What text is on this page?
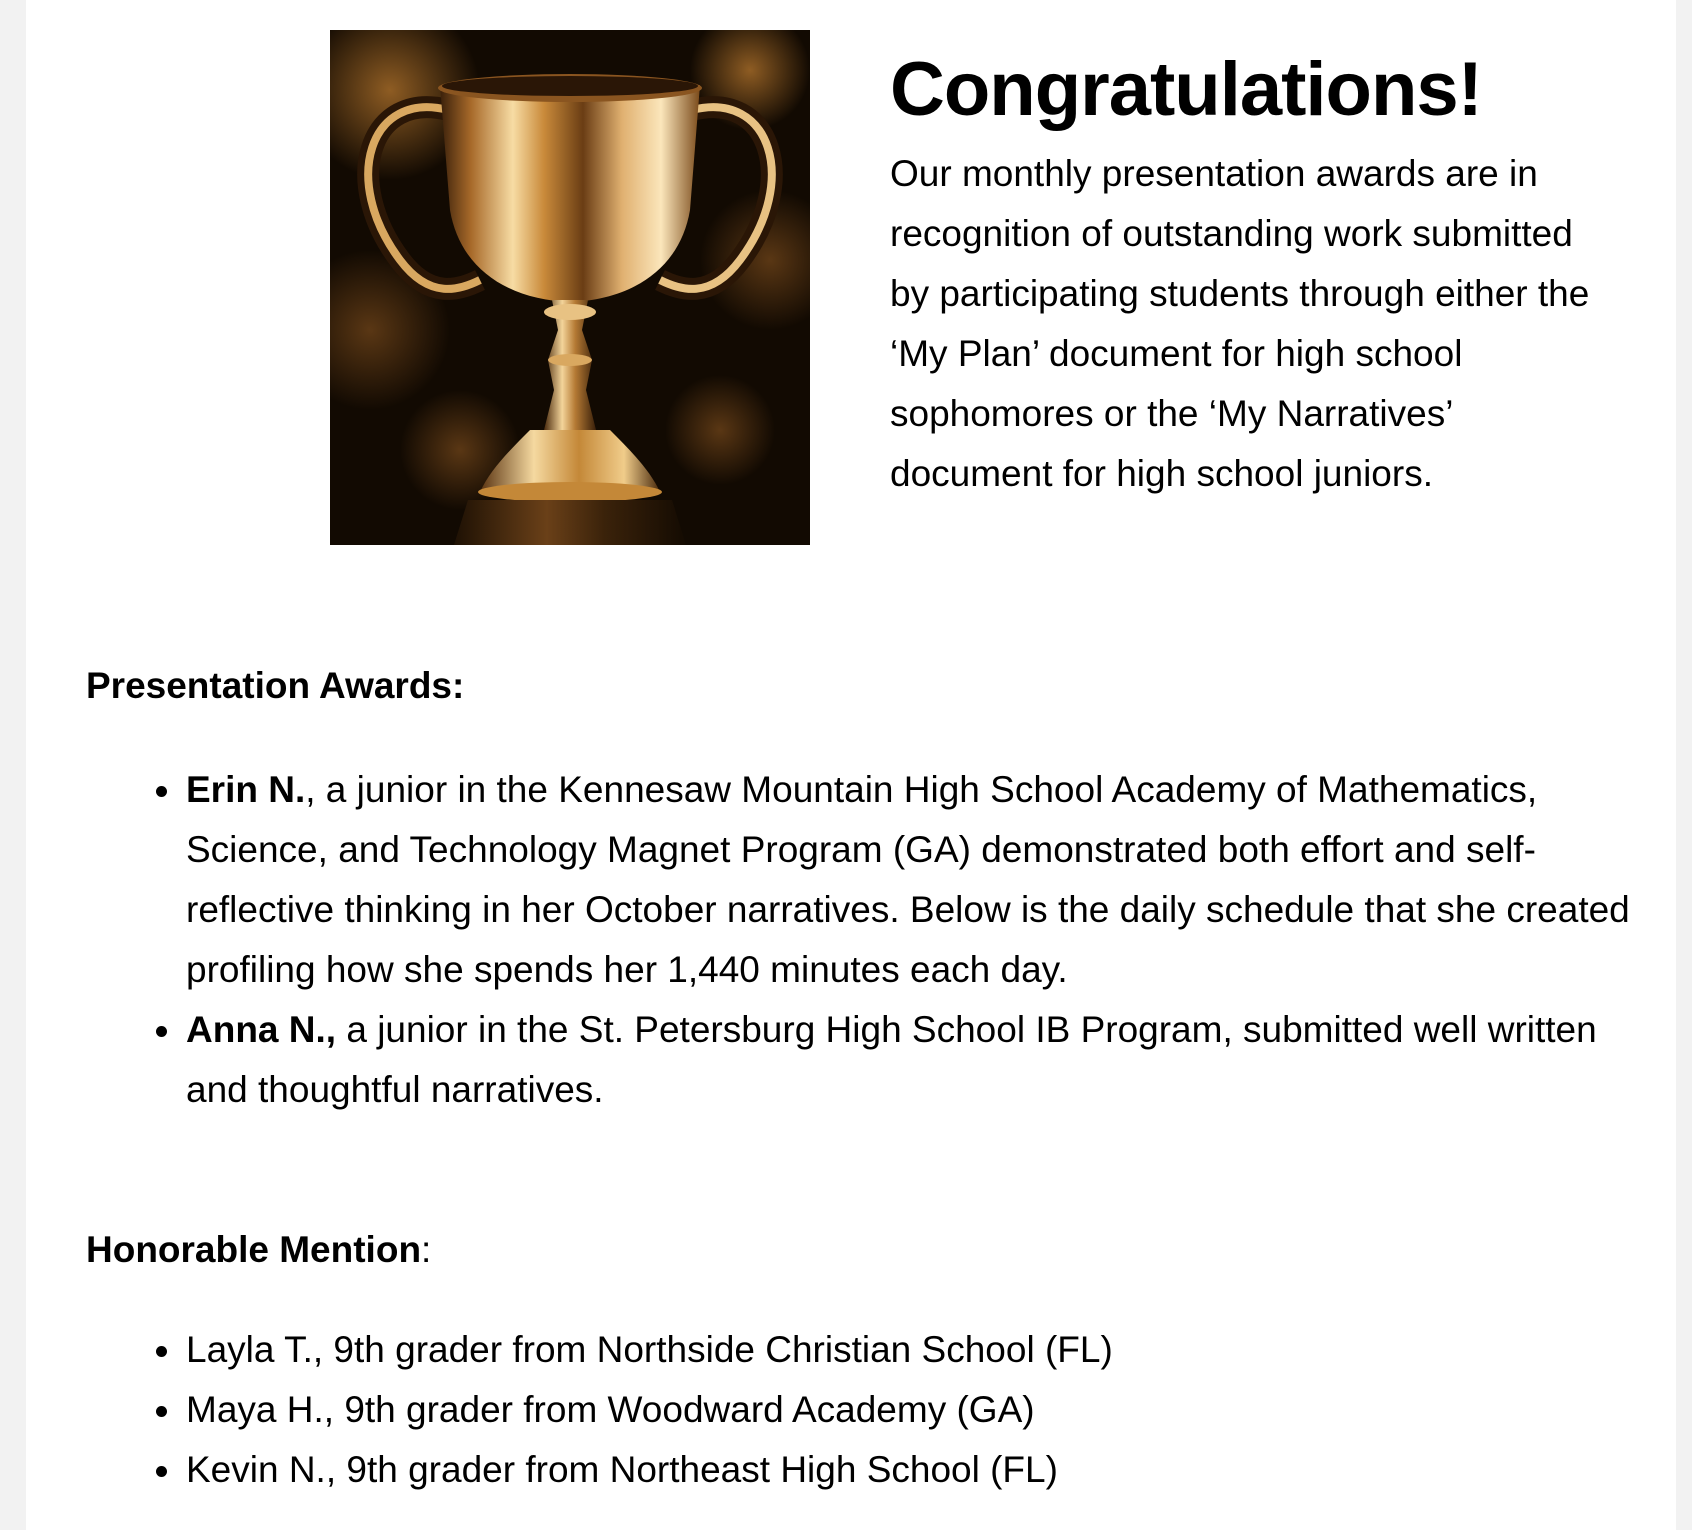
Congratulations!

Our monthly presentation awards are in recognition of outstanding work submitted by participating students through either the ‘My Plan’ document for high school sophomores or the ‘My Narratives’ document for high school juniors.

Presentation Awards:
Erin N., a junior in the Kennesaw Mountain High School Academy of Mathematics, Science, and Technology Magnet Program (GA) demonstrated both effort and self-reflective thinking in her October narratives. Below is the daily schedule that she created profiling how she spends her 1,440 minutes each day.
Anna N., a junior in the St. Petersburg High School IB Program, submitted well written and thoughtful narratives.
Honorable Mention:
Layla T., 9th grader from Northside Christian School (FL)
Maya H., 9th grader from Woodward Academy (GA)
Kevin N., 9th grader from Northeast High School (FL)
